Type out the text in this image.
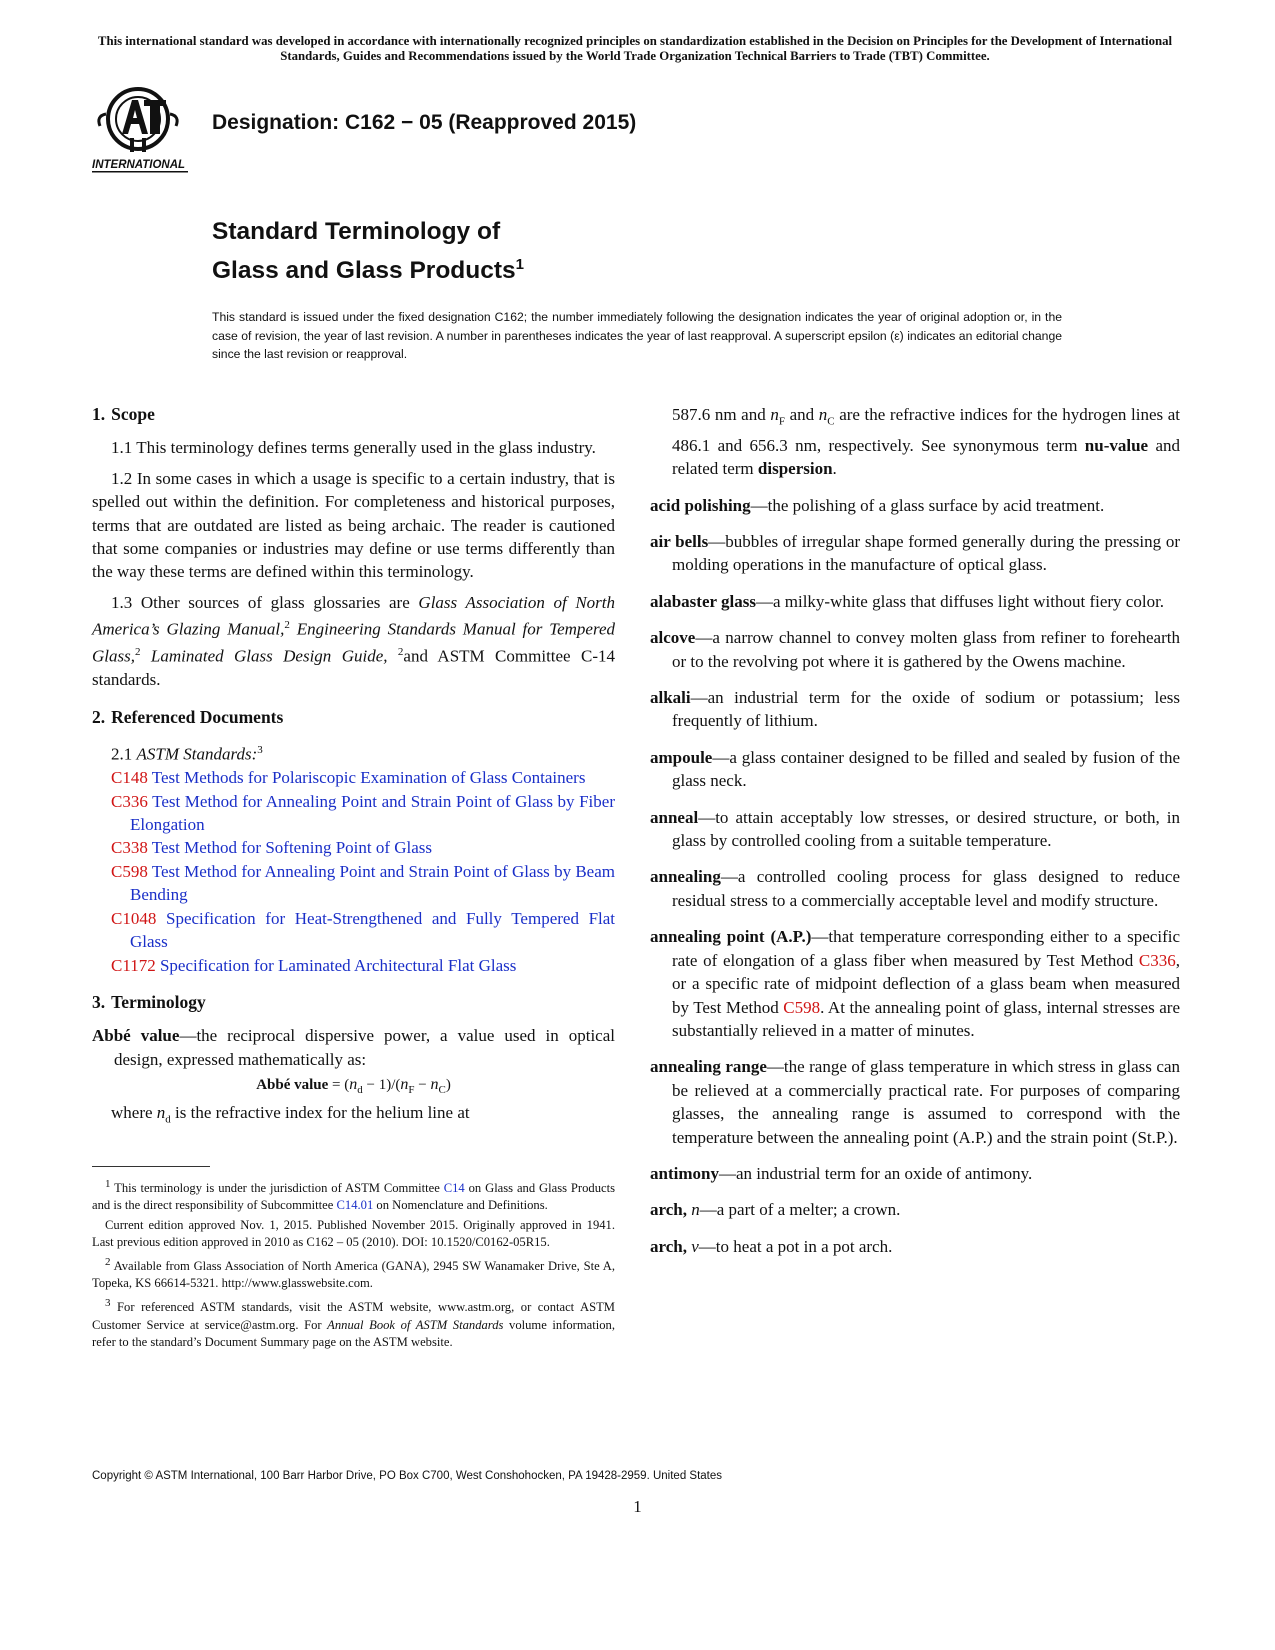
This international standard was developed in accordance with internationally recognized principles on standardization established in the Decision on Principles for the Development of International Standards, Guides and Recommendations issued by the World Trade Organization Technical Barriers to Trade (TBT) Committee.
INTERNATIONAL
Designation: C162 − 05 (Reapproved 2015)
Standard Terminology of
Glass and Glass Products$^1$
This standard is issued under the fixed designation C162; the number immediately following the designation indicates the year of original adoption or, in the case of revision, the year of last revision. A number in parentheses indicates the year of last reapproval. A superscript epsilon (ε) indicates an editorial change since the last revision or reapproval.
1. Scope

1.1 This terminology defines terms generally used in the glass industry.

1.2 In some cases in which a usage is specific to a certain industry, that is spelled out within the definition. For completeness and historical purposes, terms that are outdated are listed as being archaic. The reader is cautioned that some companies or industries may define or use terms differently than the way these terms are defined within this terminology.

1.3 Other sources of glass glossaries are Glass Association of North America’s Glazing Manual,$^2$ Engineering Standards Manual for Tempered Glass,$^2$ Laminated Glass Design Guide, $^2$and ASTM Committee C-14 standards.

2. Referenced Documents

2.1 ASTM Standards:$^3$

C148 Test Methods for Polariscopic Examination of Glass Containers

C336 Test Method for Annealing Point and Strain Point of Glass by Fiber Elongation

C338 Test Method for Softening Point of Glass

C598 Test Method for Annealing Point and Strain Point of Glass by Beam Bending

C1048 Specification for Heat-Strengthened and Fully Tempered Flat Glass

C1172 Specification for Laminated Architectural Flat Glass

3. Terminology

Abbé value—the reciprocal dispersive power, a value used in optical design, expressed mathematically as:

Abbé value = $(n_d - 1)/(n_F - n_C)$

where $n_d$ is the refractive index for the helium line at

$^1$ This terminology is under the jurisdiction of ASTM Committee C14 on Glass and Glass Products and is the direct responsibility of Subcommittee C14.01 on Nomenclature and Definitions.

Current edition approved Nov. 1, 2015. Published November 2015. Originally approved in 1941. Last previous edition approved in 2010 as C162 – 05 (2010). DOI: 10.1520/C0162-05R15.

$^2$ Available from Glass Association of North America (GANA), 2945 SW Wanamaker Drive, Ste A, Topeka, KS 66614-5321. http://www.glasswebsite.com.

$^3$ For referenced ASTM standards, visit the ASTM website, www.astm.org, or contact ASTM Customer Service at service@astm.org. For Annual Book of ASTM Standards volume information, refer to the standard’s Document Summary page on the ASTM website.

587.6 nm and $n_F$ and $n_C$ are the refractive indices for the hydrogen lines at 486.1 and 656.3 nm, respectively. See synonymous term nu-value and related term dispersion.

acid polishing—the polishing of a glass surface by acid treatment.

air bells—bubbles of irregular shape formed generally during the pressing or molding operations in the manufacture of optical glass.

alabaster glass—a milky-white glass that diffuses light without fiery color.

alcove—a narrow channel to convey molten glass from refiner to forehearth or to the revolving pot where it is gathered by the Owens machine.

alkali—an industrial term for the oxide of sodium or potassium; less frequently of lithium.

ampoule—a glass container designed to be filled and sealed by fusion of the glass neck.

anneal—to attain acceptably low stresses, or desired structure, or both, in glass by controlled cooling from a suitable temperature.

annealing—a controlled cooling process for glass designed to reduce residual stress to a commercially acceptable level and modify structure.

annealing point (A.P.)—that temperature corresponding either to a specific rate of elongation of a glass fiber when measured by Test Method C336, or a specific rate of midpoint deflection of a glass beam when measured by Test Method C598. At the annealing point of glass, internal stresses are substantially relieved in a matter of minutes.

annealing range—the range of glass temperature in which stress in glass can be relieved at a commercially practical rate. For purposes of comparing glasses, the annealing range is assumed to correspond with the temperature between the annealing point (A.P.) and the strain point (St.P.).

antimony—an industrial term for an oxide of antimony.

arch, n—a part of a melter; a crown.

arch, v—to heat a pot in a pot arch.

Copyright © ASTM International, 100 Barr Harbor Drive, PO Box C700, West Conshohocken, PA 19428-2959. United States
1
